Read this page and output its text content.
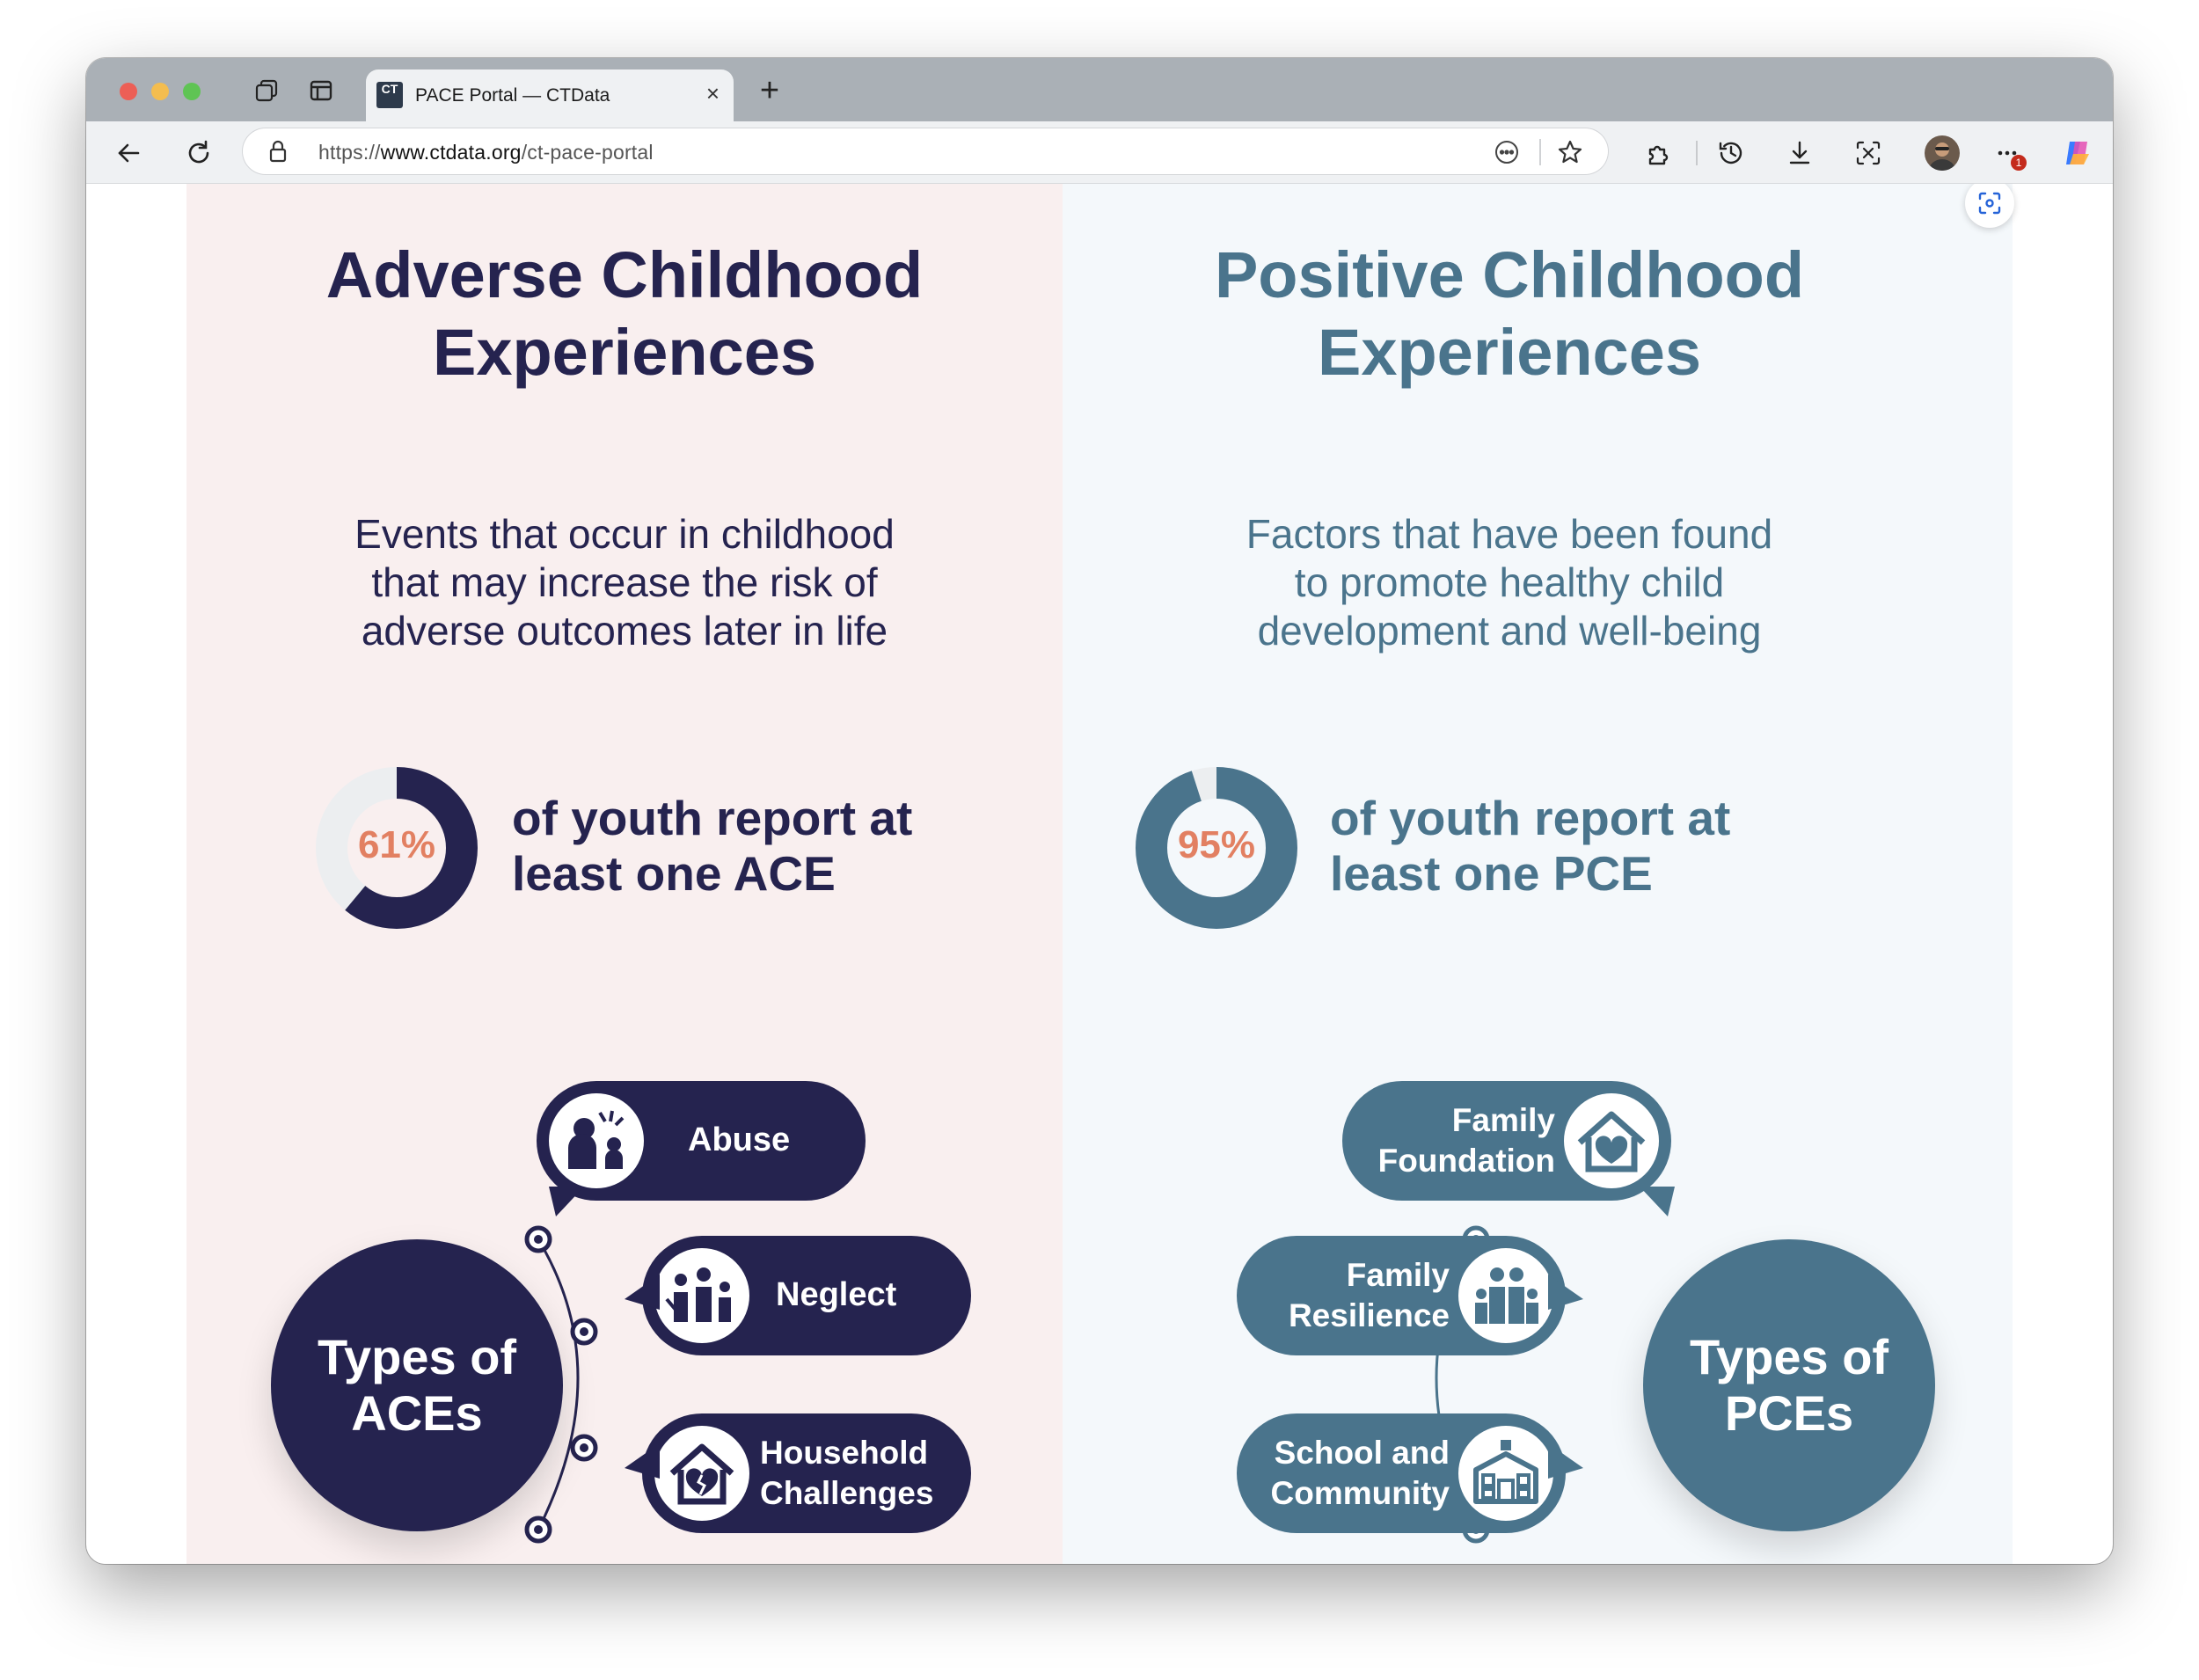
CT PACE Portal — CTData	× +
https://www.ctdata.org/ct-pace-portal	1
Adverse Childhood
Experiences
Events that occur in childhood
that may increase the risk of
adverse outcomes later in life
61%	of youth report at
least one ACE
Types of
ACEs
Abuse
Neglect
Household
Challenges
Positive Childhood
Experiences
Factors that have been found
to promote healthy child
development and well-being
95%	of youth report at
least one PCE
Types of
PCEs
Family
Foundation
Family
Resilience
School and
Community
